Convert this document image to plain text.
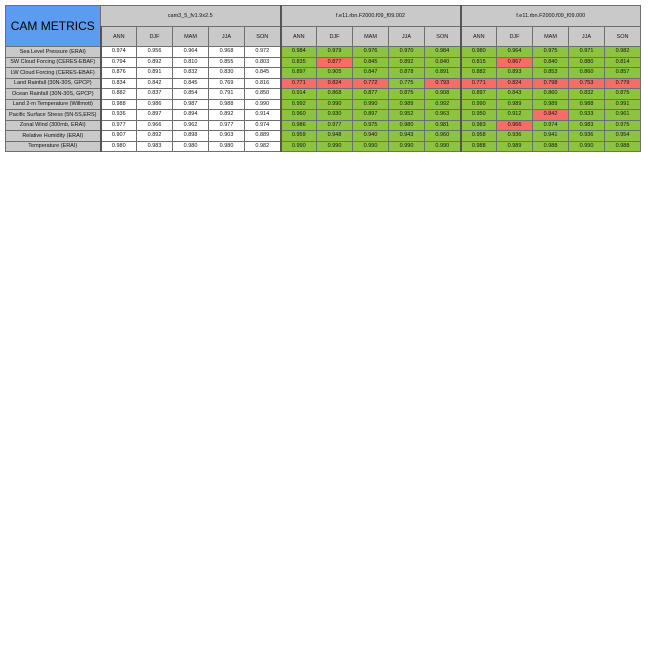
CAM METRICS	cam3_5_fv1.9x2.5					f.e11.rbn.F2000.f09_f09.002					f.e11.rbn.F2000.f09_f09.000				
	ANN	DJF	MAM	JJA	SON	ANN	DJF	MAM	JJA	SON	ANN	DJF	MAM	JJA	SON
Sea Level Pressure (ERAI)	0.974	0.956	0.964	0.968	0.972	0.984	0.979	0.976	0.970	0.984	0.980	0.964	0.975	0.971	0.982
SW Cloud Forcing (CERES-EBAF)	0.794	0.892	0.810	0.855	0.803	0.835	0.877	0.845	0.892	0.840	0.815	0.867	0.840	0.880	0.814
LW Cloud Forcing (CERES-EBAF)	0.876	0.891	0.832	0.830	0.845	0.897	0.905	0.847	0.878	0.891	0.882	0.893	0.853	0.860	0.857
Land Rainfall (30N-30S, GPCP)	0.834	0.842	0.845	0.769	0.816	0.771	0.824	0.772	0.775	0.793	0.771	0.824	0.798	0.753	0.779
Ocean Rainfall (30N-30S, GPCP)	0.882	0.837	0.854	0.791	0.850	0.914	0.868	0.877	0.875	0.908	0.897	0.843	0.860	0.832	0.875
Land 2-m Temperature (Willmott)	0.988	0.986	0.987	0.988	0.990	0.992	0.990	0.990	0.989	0.992	0.990	0.989	0.989	0.988	0.991
Pacific Surface Stress (5N-5S,ERS)	0.936	0.897	0.894	0.892	0.914	0.960	0.930	0.897	0.952	0.963	0.950	0.912	0.842	0.933	0.961
Zonal Wind (300mb, ERAI)	0.977	0.966	0.962	0.977	0.974	0.986	0.977	0.975	0.980	0.981	0.983	0.966	0.974	0.983	0.975
Relative Humidity (ERAI)	0.907	0.892	0.898	0.903	0.889	0.959	0.948	0.940	0.943	0.960	0.958	0.936	0.941	0.936	0.954
Temperature (ERAI)	0.980	0.983	0.980	0.980	0.982	0.990	0.990	0.990	0.990	0.990	0.988	0.989	0.988	0.990	0.988
